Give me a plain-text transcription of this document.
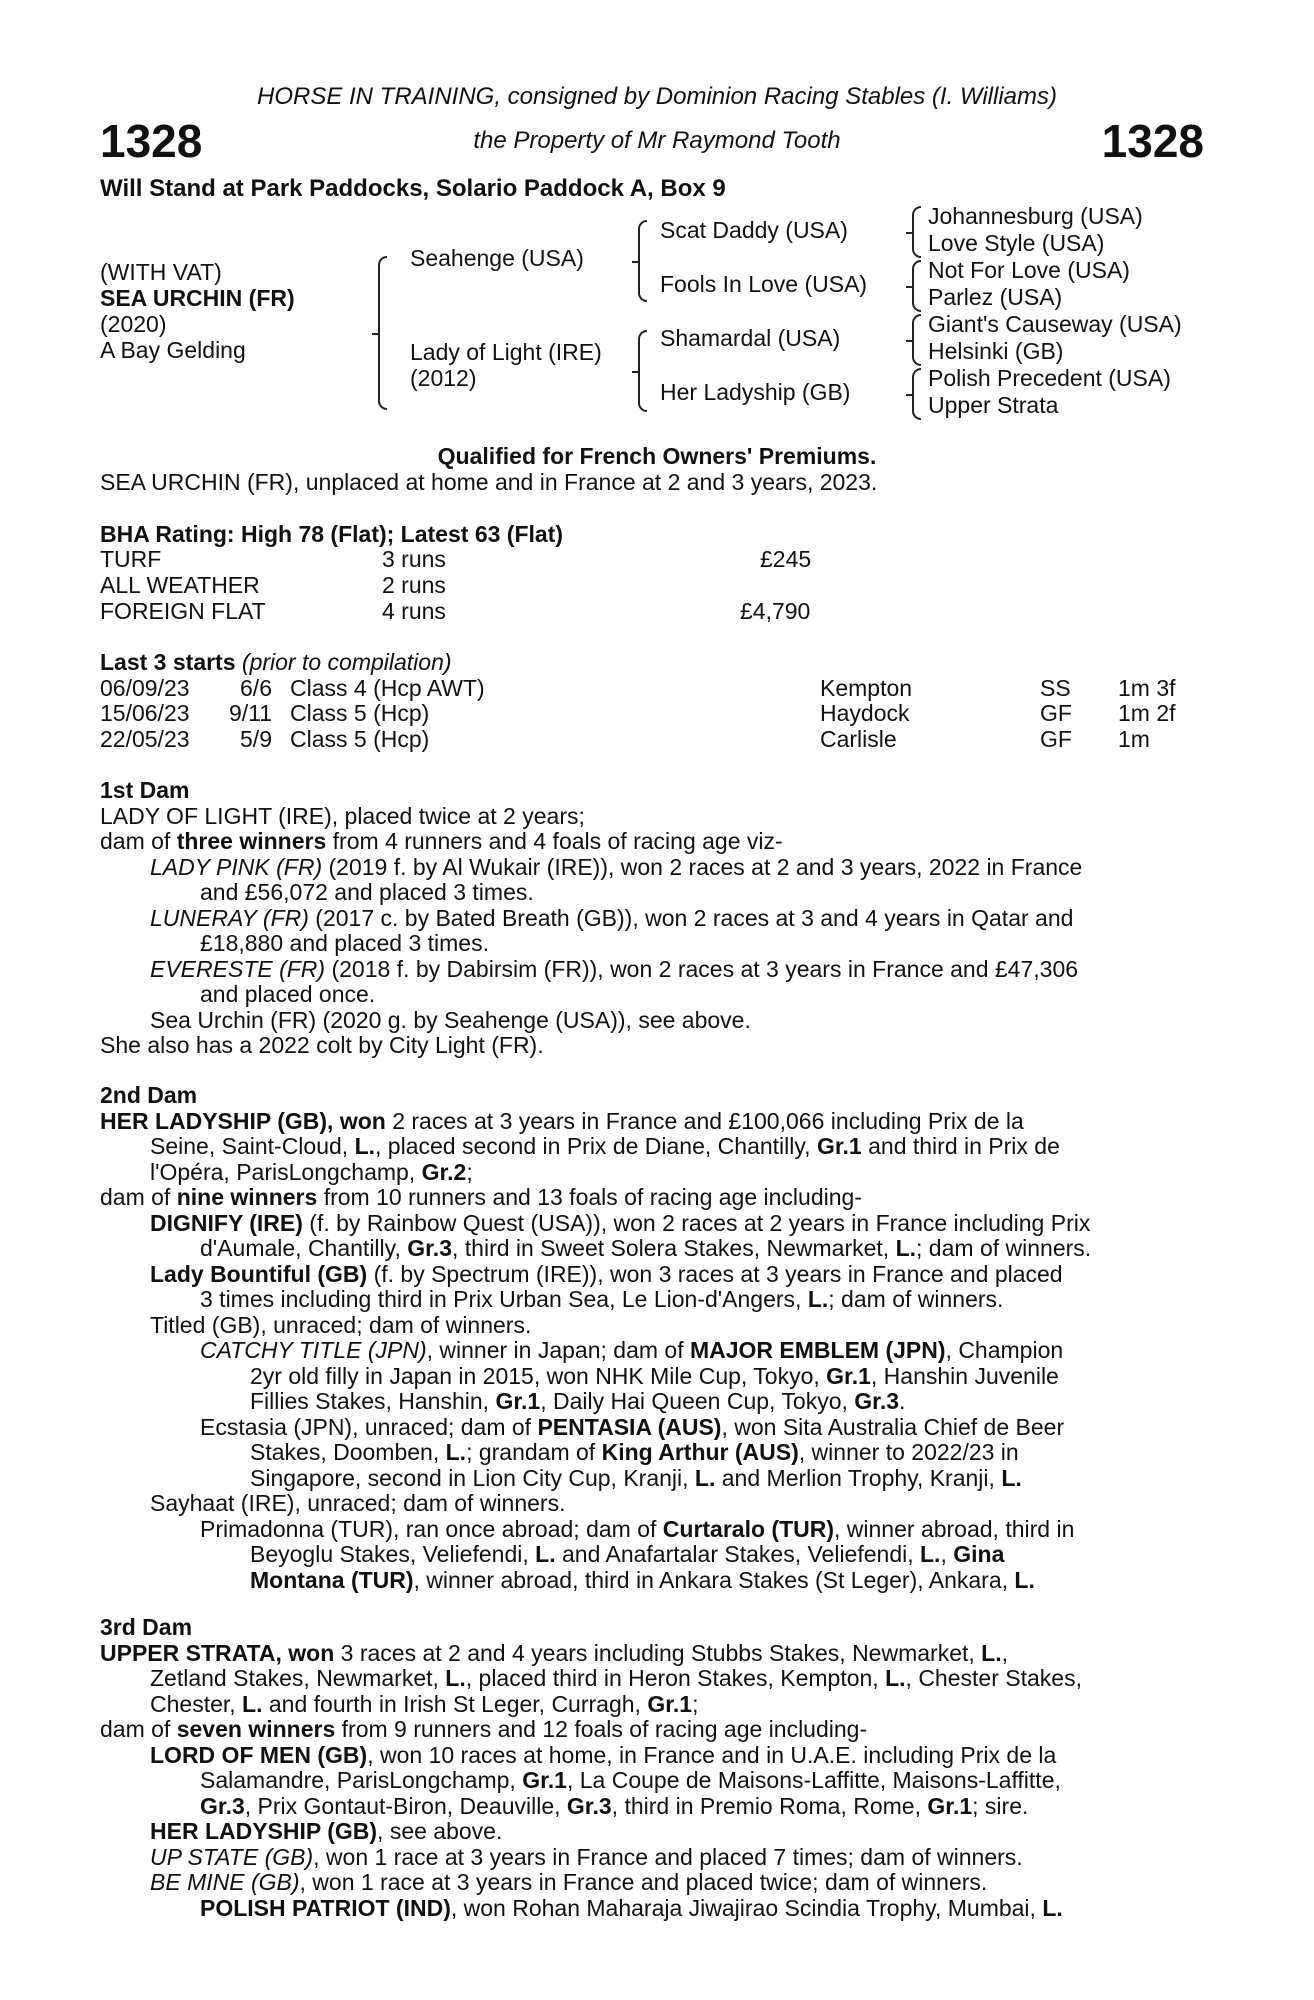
HORSE IN TRAINING, consigned by Dominion Racing Stables (I. Williams)
1328	the Property of Mr Raymond Tooth	1328
Will Stand at Park Paddocks, Solario Paddock A, Box 9
(WITH VAT)
SEA URCHIN (FR)
(2020)
A Bay Gelding
Seahenge (USA)
Lady of Light (IRE)
(2012)
Scat Daddy (USA)
Fools In Love (USA)
Shamardal (USA)
Her Ladyship (GB)
Johannesburg (USA)
Love Style (USA)
Not For Love (USA)
Parlez (USA)
Giant's Causeway (USA)
Helsinki (GB)
Polish Precedent (USA)
Upper Strata
Qualified for French Owners' Premiums.
SEA URCHIN (FR), unplaced at home and in France at 2 and 3 years, 2023.
BHA Rating: High 78 (Flat); Latest 63 (Flat)
TURF	3 runs	£245
ALL WEATHER	2 runs
FOREIGN FLAT	4 runs	£4,790
Last 3 starts (prior to compilation)
06/09/23	6/6 Class 4 (Hcp AWT)	Kempton	SS 1m 3f
15/06/23	9/11 Class 5 (Hcp)	Haydock	GF 1m 2f
22/05/23	5/9 Class 5 (Hcp)	Carlisle	GF 1m
1st Dam
LADY OF LIGHT (IRE), placed twice at 2 years;
dam of three winners from 4 runners and 4 foals of racing age viz-
LADY PINK (FR) (2019 f. by Al Wukair (IRE)), won 2 races at 2 and 3 years, 2022 in France
and £56,072 and placed 3 times.
LUNERAY (FR) (2017 c. by Bated Breath (GB)), won 2 races at 3 and 4 years in Qatar and
£18,880 and placed 3 times.
EVERESTE (FR) (2018 f. by Dabirsim (FR)), won 2 races at 3 years in France and £47,306
and placed once.
Sea Urchin (FR) (2020 g. by Seahenge (USA)), see above.
She also has a 2022 colt by City Light (FR).
2nd Dam
HER LADYSHIP (GB), won 2 races at 3 years in France and £100,066 including Prix de la
Seine, Saint-Cloud, L., placed second in Prix de Diane, Chantilly, Gr.1 and third in Prix de
l'Opéra, ParisLongchamp, Gr.2;
dam of nine winners from 10 runners and 13 foals of racing age including-
DIGNIFY (IRE) (f. by Rainbow Quest (USA)), won 2 races at 2 years in France including Prix
d'Aumale, Chantilly, Gr.3, third in Sweet Solera Stakes, Newmarket, L.; dam of winners.
Lady Bountiful (GB) (f. by Spectrum (IRE)), won 3 races at 3 years in France and placed
3 times including third in Prix Urban Sea, Le Lion-d'Angers, L.; dam of winners.
Titled (GB), unraced; dam of winners.
CATCHY TITLE (JPN), winner in Japan; dam of MAJOR EMBLEM (JPN), Champion
2yr old filly in Japan in 2015, won NHK Mile Cup, Tokyo, Gr.1, Hanshin Juvenile
Fillies Stakes, Hanshin, Gr.1, Daily Hai Queen Cup, Tokyo, Gr.3.
Ecstasia (JPN), unraced; dam of PENTASIA (AUS), won Sita Australia Chief de Beer
Stakes, Doomben, L.; grandam of King Arthur (AUS), winner to 2022/23 in
Singapore, second in Lion City Cup, Kranji, L. and Merlion Trophy, Kranji, L.
Sayhaat (IRE), unraced; dam of winners.
Primadonna (TUR), ran once abroad; dam of Curtaralo (TUR), winner abroad, third in
Beyoglu Stakes, Veliefendi, L. and Anafartalar Stakes, Veliefendi, L., Gina
Montana (TUR), winner abroad, third in Ankara Stakes (St Leger), Ankara, L.
3rd Dam
UPPER STRATA, won 3 races at 2 and 4 years including Stubbs Stakes, Newmarket, L.,
Zetland Stakes, Newmarket, L., placed third in Heron Stakes, Kempton, L., Chester Stakes,
Chester, L. and fourth in Irish St Leger, Curragh, Gr.1;
dam of seven winners from 9 runners and 12 foals of racing age including-
LORD OF MEN (GB), won 10 races at home, in France and in U.A.E. including Prix de la
Salamandre, ParisLongchamp, Gr.1, La Coupe de Maisons-Laffitte, Maisons-Laffitte,
Gr.3, Prix Gontaut-Biron, Deauville, Gr.3, third in Premio Roma, Rome, Gr.1; sire.
HER LADYSHIP (GB), see above.
UP STATE (GB), won 1 race at 3 years in France and placed 7 times; dam of winners.
BE MINE (GB), won 1 race at 3 years in France and placed twice; dam of winners.
POLISH PATRIOT (IND), won Rohan Maharaja Jiwajirao Scindia Trophy, Mumbai, L.
